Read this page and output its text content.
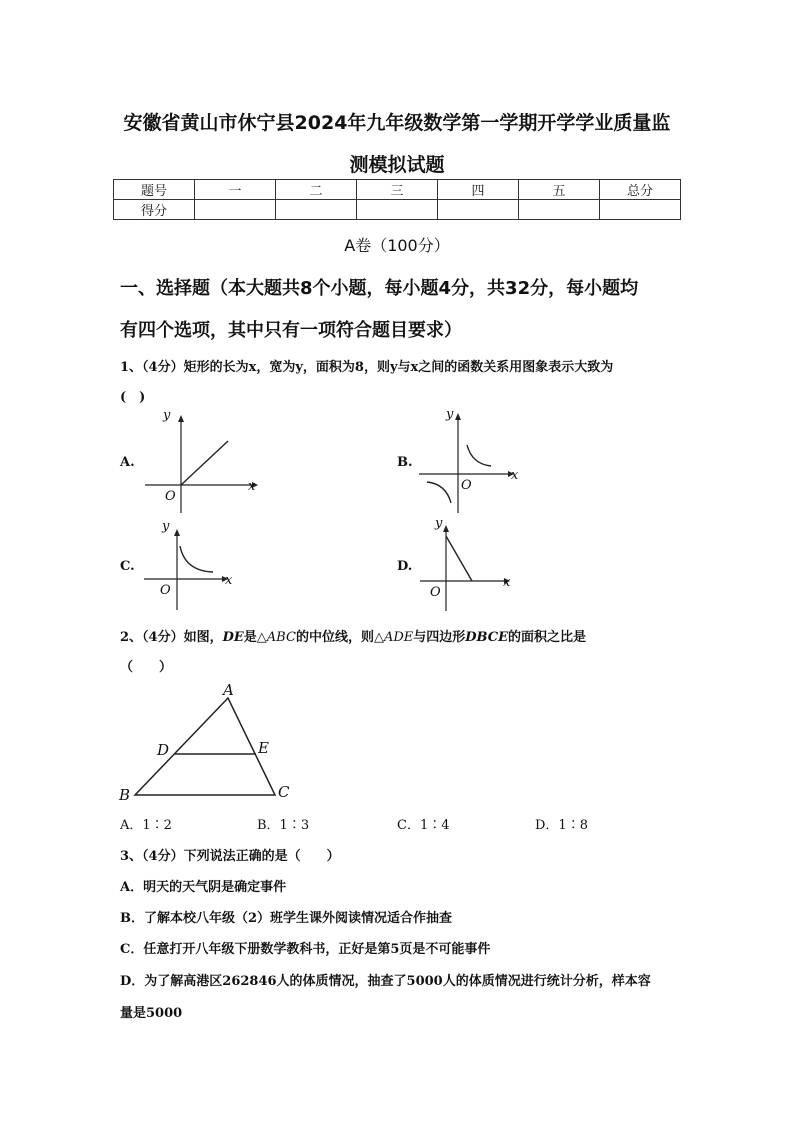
安徽省黄山市休宁县2024年九年级数学第一学期开学学业质量监
测模拟试题
题号	一	二	三	四	五	总分
得分						
A卷（100分）
一、选择题（本大题共8个小题，每小题4分，共32分，每小题均
有四个选项，其中只有一项符合题目要求）
1、（4分）矩形的长为x，宽为y，面积为8，则y与x之间的函数关系用图象表示大致为
(　)
A.
y
x
O
B.
y
x
O
C.
y
x
O
D.
y
x
O
2、（4分）如图，DE是△ABC的中位线，则△ADE与四边形DBCE的面积之比是
（　　）
A
D	E
B	C
A．1∶2	B．1∶3	C．1∶4	D．1∶8
3、（4分）下列说法正确的是（　　）
A．明天的天气阴是确定事件
B．了解本校八年级（2）班学生课外阅读情况适合作抽查
C．任意打开八年级下册数学教科书，正好是第5页是不可能事件
D．为了解高港区262846人的体质情况，抽查了5000人的体质情况进行统计分析，样本容
量是5000
